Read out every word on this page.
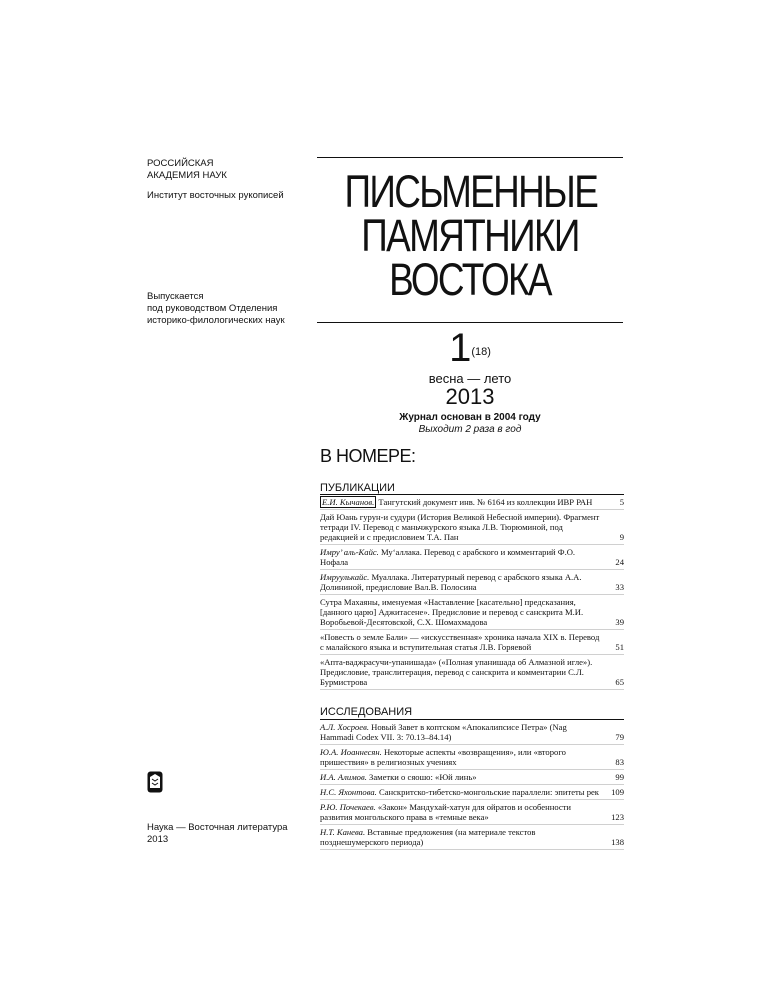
РОССИЙСКАЯ
АКАДЕМИЯ НАУК
Институт восточных рукописей
Выпускается
под руководством Отделения
историко-филологических наук
ПИСЬМЕННЫЕ
ПАМЯТНИКИ
ВОСТОКА
1(18)
весна — лето
2013
Журнал основан в 2004 году
Выходит 2 раза в год
В НОМЕРЕ:
ПУБЛИКАЦИИ
Е.И. Кычанов. Тангутский документ инв. № 6164 из коллекции ИВР РАН	5
Дай Юань гурун-и судури (История Великой Небесной империи). Фрагмент тетради IV. Перевод с маньчжурского языка Л.В. Тюрюминой, под редакцией и с предисловием Т.А. Пан	9
Имру’ аль-Кайс. Му‘аллака. Перевод с арабского и комментарий Ф.О. Нофала	24
Имруулькайс. Муаллака. Литературный перевод с арабского языка А.А. Долининой, предисловие Вал.В. Полосина	33
Сутра Махаяны, именуемая «Наставление [касательно] предсказания, [данного царю] Аджитасене». Предисловие и перевод с санскрита М.И. Воробьевой-Десятовской, С.Х. Шомахмадова	39
«Повесть о земле Бали» — «искусственная» хроника начала XIX в. Перевод с малайского языка и вступительная статья Л.В. Горяевой	51
«Апта-ваджрасучи-упанишада» («Полная упанишада об Алмазной игле»). Предисловие, транслитерация, перевод с санскрита и комментарии С.Л. Бурмистрова	65
ИССЛЕДОВАНИЯ
А.Л. Хосроев. Новый Завет в коптском «Апокалипсисе Петра» (Nag Hammadi Codex VII. 3: 70.13–84.14)	79
Ю.А. Иоаннесян. Некоторые аспекты «возвращения», или «второго пришествия» в религиозных учениях	83
И.А. Алимов. Заметки о сяошо: «Юй линь»	99
Н.С. Яхонтова. Санскритско-тибетско-монгольские параллели: эпитеты рек 109
Р.Ю. Почекаев. «Закон» Мандухай-хатун для ойратов и особенности развития монгольского права в «темные века»	123
Н.Т. Канева. Вставные предложения (на материале текстов позднешумерского периода)	138
Наука — Восточная литература
2013
